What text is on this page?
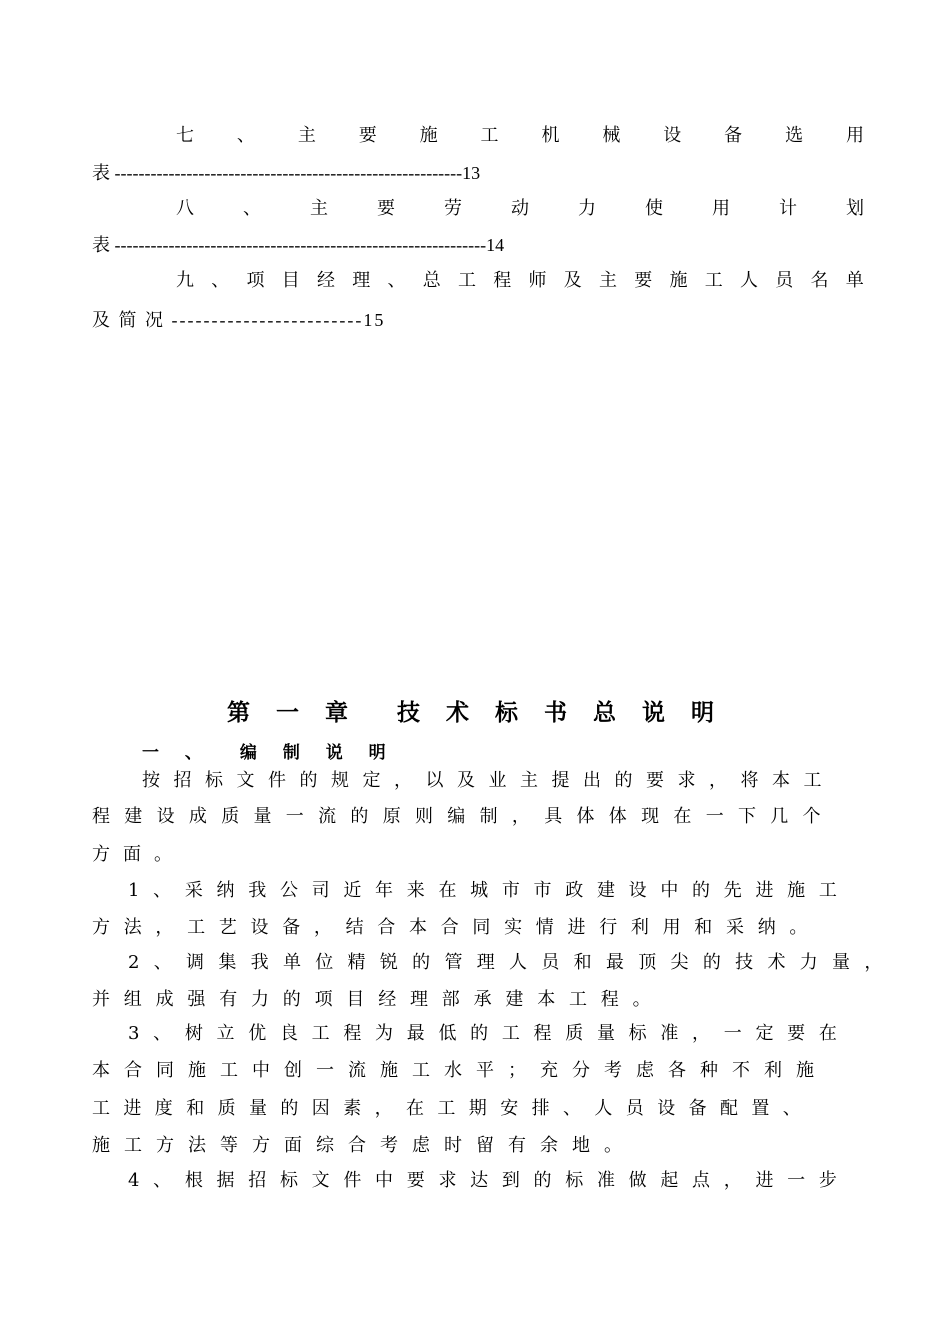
七 、 主 要 施 工 机 械 设 备 选 用
表 ----------------------------------------------------------13
八	、	主	要	劳	动	力	使	用	计	划
表 --------------------------------------------------------------14
九 、 项 目 经 理 、 总 工 程 师 及 主 要 施 工 人 员 名 单
及 简 况 ------------------------15
第 一 章 技 术 标 书 总 说 明
一 、 编 制 说 明
按招标文件的规定，以及业主提出的要求，将本工
程建设成质量一流的原则编制，具体体现在一下几个
方面。
1、采纳我公司近年来在城市市政建设中的先进施工
方法，工艺设备，结合本合同实情进行利用和采纳。
2、调集我单位精锐的管理人员和最顶尖的技术力量，
并组成强有力的项目经理部承建本工程。
3、树立优良工程为最低的工程质量标准，一定要在
本合同施工中创一流施工水平；充分考虑各种不利施
工进度和质量的因素，在工期安排、人员设备配置、
施工方法等方面综合考虑时留有余地。
4、根据招标文件中要求达到的标准做起点，进一步
